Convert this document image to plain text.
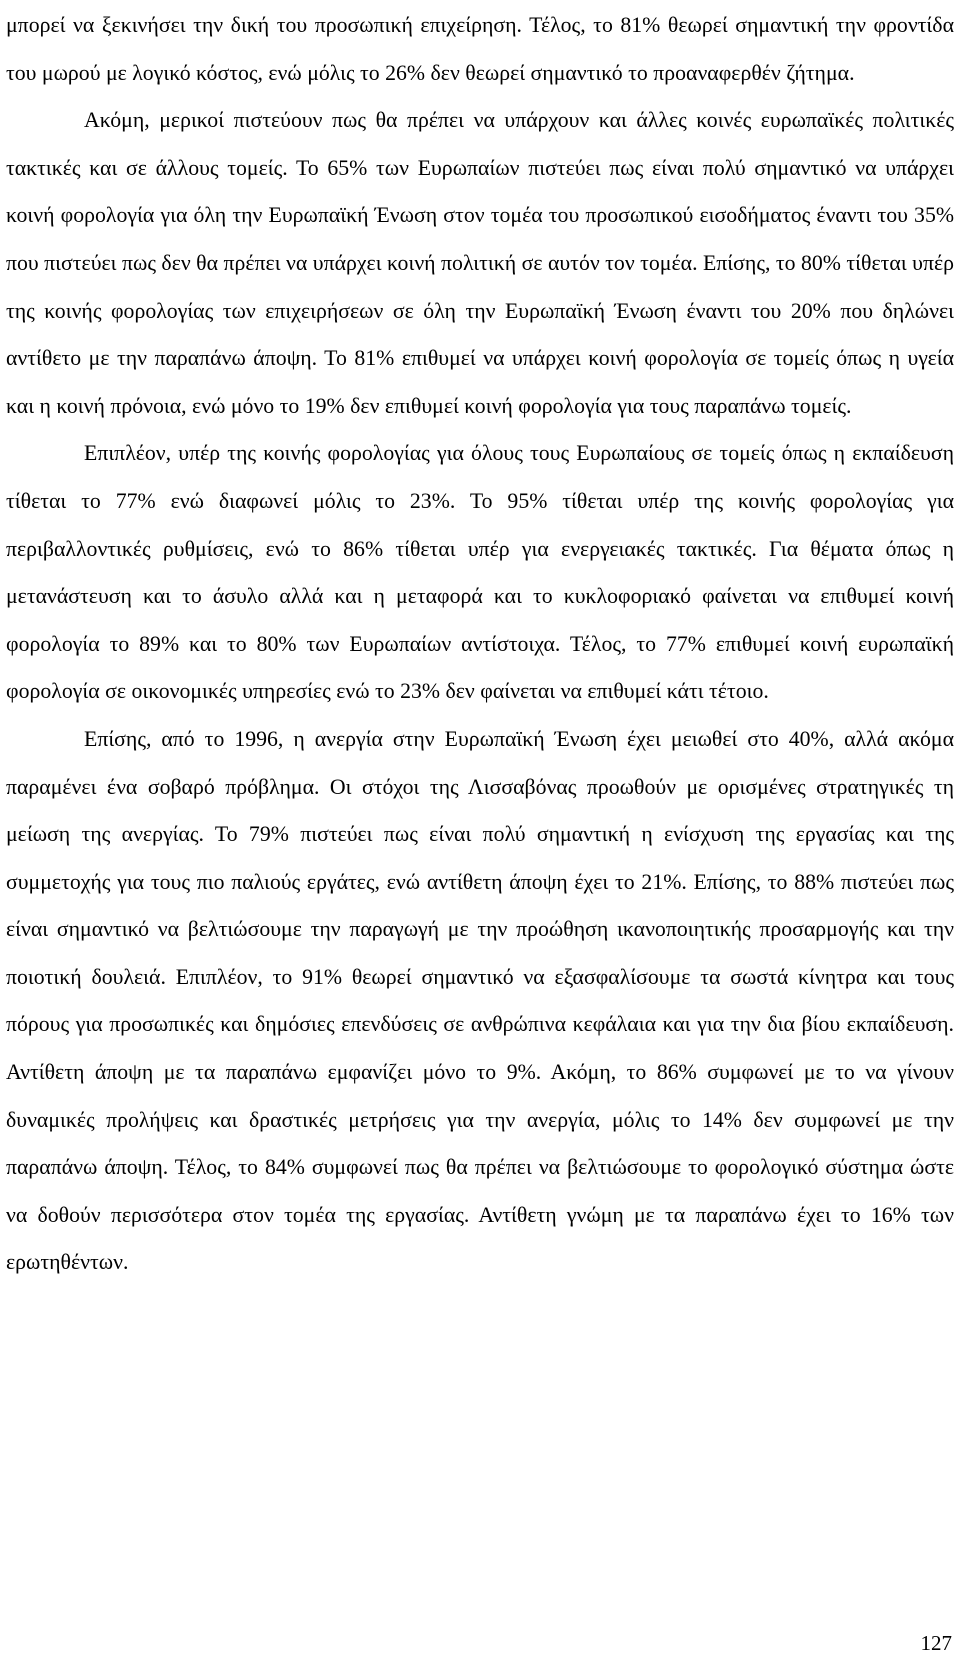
μπορεί να ξεκινήσει την δική του προσωπική επιχείρηση. Τέλος, το 81% θεωρεί σημαντική την φροντίδα του μωρού με λογικό κόστος, ενώ μόλις το 26% δεν θεωρεί σημαντικό το προαναφερθέν ζήτημα.

Ακόμη, μερικοί πιστεύουν πως θα πρέπει να υπάρχουν και άλλες κοινές ευρωπαϊκές πολιτικές τακτικές και σε άλλους τομείς. Το 65% των Ευρωπαίων πιστεύει πως είναι πολύ σημαντικό να υπάρχει κοινή φορολογία για όλη την Ευρωπαϊκή Ένωση στον τομέα του προσωπικού εισοδήματος έναντι του 35% που πιστεύει πως δεν θα πρέπει να υπάρχει κοινή πολιτική σε αυτόν τον τομέα. Επίσης, το 80% τίθεται υπέρ της κοινής φορολογίας των επιχειρήσεων σε όλη την Ευρωπαϊκή Ένωση έναντι του 20% που δηλώνει αντίθετο με την παραπάνω άποψη. Το 81% επιθυμεί να υπάρχει κοινή φορολογία σε τομείς όπως η υγεία και η κοινή πρόνοια, ενώ μόνο το 19% δεν επιθυμεί κοινή φορολογία για τους παραπάνω τομείς.

Επιπλέον, υπέρ της κοινής φορολογίας για όλους τους Ευρωπαίους σε τομείς όπως η εκπαίδευση τίθεται το 77% ενώ διαφωνεί μόλις το 23%. Το 95% τίθεται υπέρ της κοινής φορολογίας για περιβαλλοντικές ρυθμίσεις, ενώ το 86% τίθεται υπέρ για ενεργειακές τακτικές. Για θέματα όπως η μετανάστευση και το άσυλο αλλά και η μεταφορά και το κυκλοφοριακό φαίνεται να επιθυμεί κοινή φορολογία το 89% και το 80% των Ευρωπαίων αντίστοιχα. Τέλος, το 77% επιθυμεί κοινή ευρωπαϊκή φορολογία σε οικονομικές υπηρεσίες ενώ το 23% δεν φαίνεται να επιθυμεί κάτι τέτοιο.

Επίσης, από το 1996, η ανεργία στην Ευρωπαϊκή Ένωση έχει μειωθεί στο 40%, αλλά ακόμα παραμένει ένα σοβαρό πρόβλημα. Οι στόχοι της Λισσαβόνας προωθούν με ορισμένες στρατηγικές τη μείωση της ανεργίας. Το 79% πιστεύει πως είναι πολύ σημαντική η ενίσχυση της εργασίας και της συμμετοχής για τους πιο παλιούς εργάτες, ενώ αντίθετη άποψη έχει το 21%. Επίσης, το 88% πιστεύει πως είναι σημαντικό να βελτιώσουμε την παραγωγή με την προώθηση ικανοποιητικής προσαρμογής και την ποιοτική δουλειά. Επιπλέον, το 91% θεωρεί σημαντικό να εξασφαλίσουμε τα σωστά κίνητρα και τους πόρους για προσωπικές και δημόσιες επενδύσεις σε ανθρώπινα κεφάλαια και για την δια βίου εκπαίδευση. Αντίθετη άποψη με τα παραπάνω εμφανίζει μόνο το 9%. Ακόμη, το 86% συμφωνεί με το να γίνουν δυναμικές προλήψεις και δραστικές μετρήσεις για την ανεργία, μόλις το 14% δεν συμφωνεί με την παραπάνω άποψη. Τέλος, το 84% συμφωνεί πως θα πρέπει να βελτιώσουμε το φορολογικό σύστημα ώστε να δοθούν περισσότερα στον τομέα της εργασίας. Αντίθετη γνώμη με τα παραπάνω έχει το 16% των ερωτηθέντων.

127
